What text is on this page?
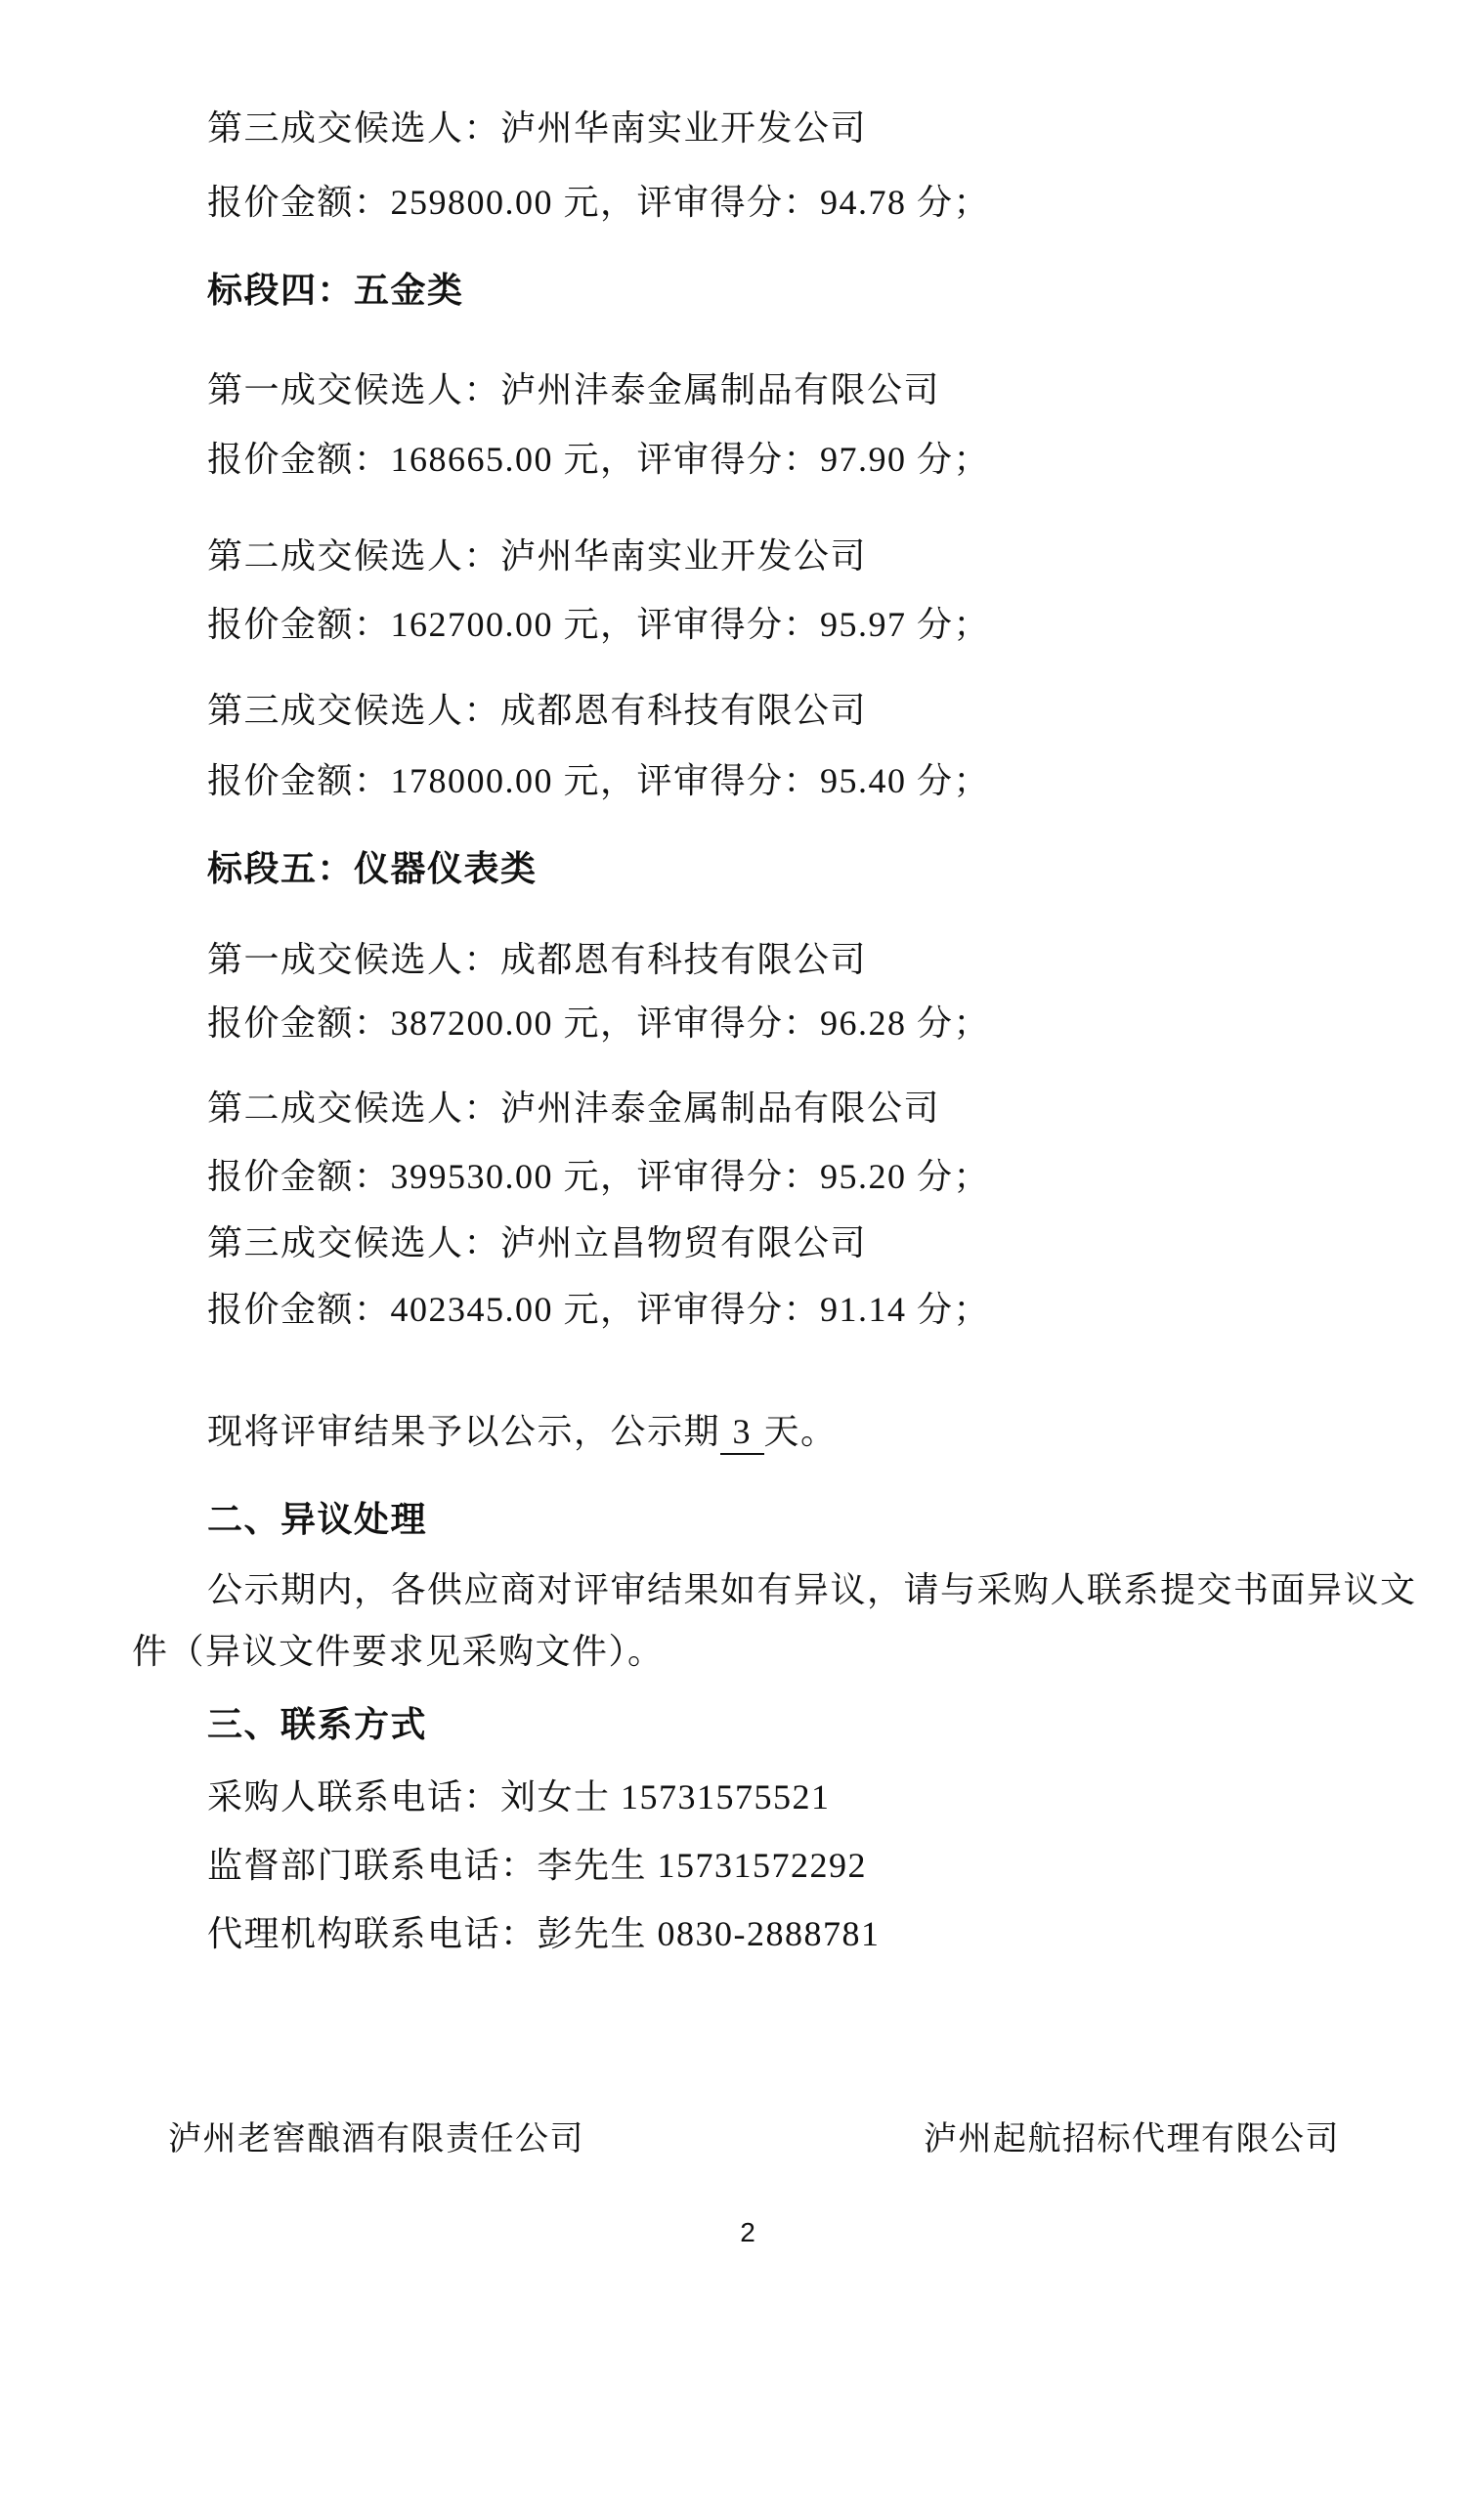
第三成交候选人：泸州华南实业开发公司
报价金额：259800.00 元，评审得分：94.78 分；
标段四：五金类
第一成交候选人：泸州沣泰金属制品有限公司
报价金额：168665.00 元，评审得分：97.90 分；
第二成交候选人：泸州华南实业开发公司
报价金额：162700.00 元，评审得分：95.97 分；
第三成交候选人：成都恩有科技有限公司
报价金额：178000.00 元，评审得分：95.40 分；
标段五：仪器仪表类
第一成交候选人：成都恩有科技有限公司
报价金额：387200.00 元，评审得分：96.28 分；
第二成交候选人：泸州沣泰金属制品有限公司
报价金额：399530.00 元，评审得分：95.20 分；
第三成交候选人：泸州立昌物贸有限公司
报价金额：402345.00 元，评审得分：91.14 分；
现将评审结果予以公示，公示期 3 天。
二、异议处理
公示期内，各供应商对评审结果如有异议，请与采购人联系提交书面异议文
件（异议文件要求见采购文件）。
三、联系方式
采购人联系电话：刘女士 15731575521
监督部门联系电话：李先生 15731572292
代理机构联系电话：彭先生 0830-2888781
泸州老窖酿酒有限责任公司	泸州起航招标代理有限公司
2
